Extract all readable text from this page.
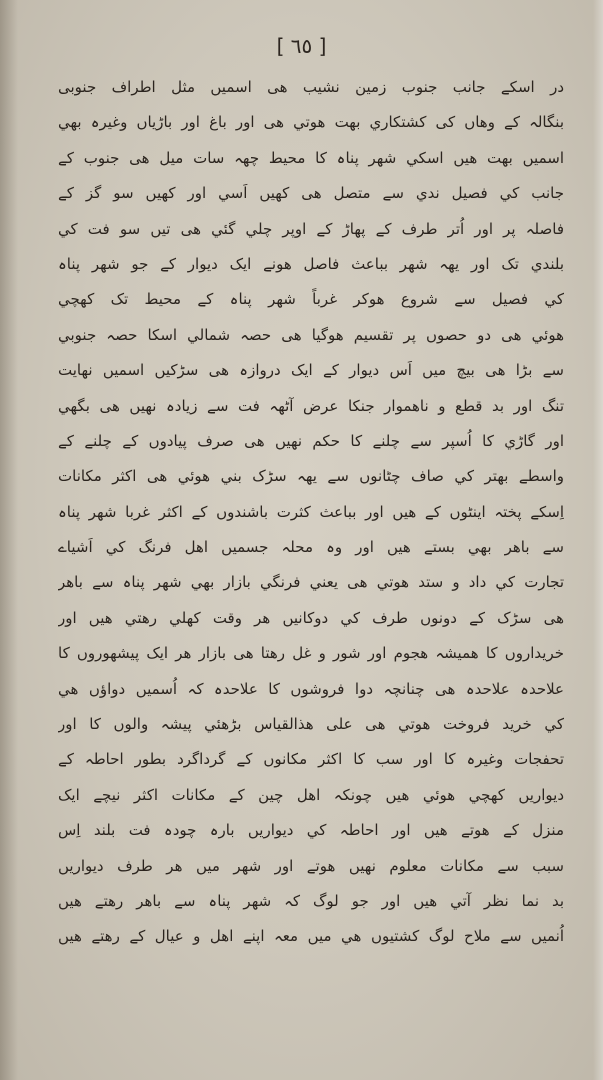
[ ٦٥ ]
در اسکے جانب جنوب زمین نشیب هی اسمیں مثل اطراف جنوبی
بنگالہ کے وهاں کی کشتکاري بهت هوتي هی اور باغ اور باڑیاں وغیرہ بهي
اسمیں بهت هیں اسکي شهر پناہ کا محیط چهہ سات میل هی جنوب کے
جانب کي فصیل ندي سے متصل هی کهیں اَسي اور کهیں سو گز کے
فاصلہ پر اور اُتر طرف کے پهاڑ کے اوپر چلي گئي هی تیں سو فت کي
بلندي تک اور یهہ شهر بباعث فاصل هونے ایک دیوار کے جو شهر پناہ
کي فصیل سے شروع هوکر غرباً شهر پناہ کے محیط تک کهچي
هوئي هی دو حصوں پر تقسیم هوگیا هی حصہ شمالي اسکا حصہ جنوبي
سے بڑا هی بیچ میں اَس دیوار کے ایک دروازہ هی سڑکیں اسمیں نهایت
تنگ اور بد قطع و ناهموار جنکا عرض آٹهہ فت سے زیادہ نهیں هی بگهي
اور گاڑي کا اُسپر سے چلنے کا حکم نهیں هی صرف پیادوں کے چلنے کے
واسطے بهتر کي صاف چٹانوں سے یهہ سڑک بني هوئي هی اکثر مکانات
اِسکے پختہ اینٹوں کے هیں اور بباعث کثرت باشندوں کے اکثر غربا شهر پناہ
سے باهر بهي بستے هیں اور وہ محلہ جسمیں اهل فرنگ کي اَشیاے
تجارت کي داد و ستد هوتي هی یعني فرنگي بازار بهي شهر پناہ سے باهر
هی سڑک کے دونوں طرف کي دوکانیں هر وقت کهلي رهتي هیں اور
خریداروں کا همیشہ هجوم اور شور و غل رهتا هی بازار هر ایک پیشهوروں کا
علاحدہ علاحدہ هی چنانچہ دوا فروشوں کا علاحدہ کہ اُسمیں دواؤں هي
کي خرید فروخت هوتي هی علی هذالقیاس بڑهئي پیشہ والوں کا اور
تحفجات وغیرہ کا اور سب کا اکثر مکانوں کے گرداگرد بطور احاطہ کے
دیواریں کهچي هوئي هیں چونکہ اهل چین کے مکانات اکثر نیچے ایک
منزل کے هوتے هیں اور احاطہ کي دیواریں بارہ چودہ فت بلند اِس
سبب سے مکانات معلوم نهیں هوتے اور شهر میں هر طرف دیواریں
بد نما نظر آتي هیں اور جو لوگ کہ شهر پناہ سے باهر رهتے هیں
اُنمیں سے ملاح لوگ کشتیوں هي میں معہ اپنے اهل و عیال کے رهتے هیں
